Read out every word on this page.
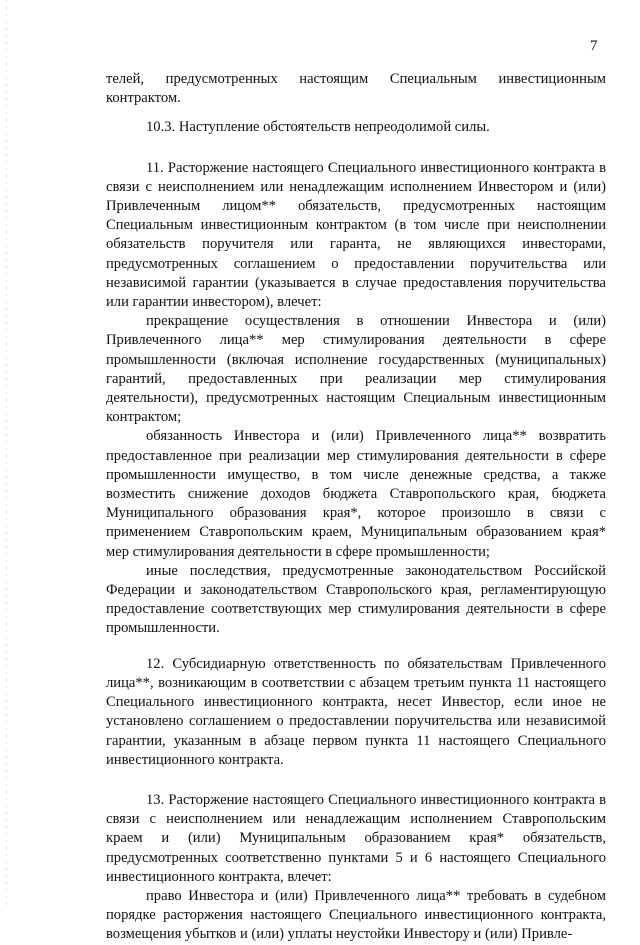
7

телей, предусмотренных настоящим Специальным инвестиционным контрактом.

10.3. Наступление обстоятельств непреодолимой силы.

11. Расторжение настоящего Специального инвестиционного контракта в связи с неисполнением или ненадлежащим исполнением Инвестором и (или) Привлеченным лицом** обязательств, предусмотренных настоящим Специальным инвестиционным контрактом (в том числе при неисполнении обязательств поручителя или гаранта, не являющихся инвесторами, предусмотренных соглашением о предоставлении поручительства или независимой гарантии (указывается в случае предоставления поручительства или гарантии инвестором), влечет:

прекращение осуществления в отношении Инвестора и (или) Привлеченного лица** мер стимулирования деятельности в сфере промышленности (включая исполнение государственных (муниципальных) гарантий, предоставленных при реализации мер стимулирования деятельности), предусмотренных настоящим Специальным инвестиционным контрактом;

обязанность Инвестора и (или) Привлеченного лица** возвратить предоставленное при реализации мер стимулирования деятельности в сфере промышленности имущество, в том числе денежные средства, а также возместить снижение доходов бюджета Ставропольского края, бюджета Муниципального образования края*, которое произошло в связи с применением Ставропольским краем, Муниципальным образованием края* мер стимулирования деятельности в сфере промышленности;

иные последствия, предусмотренные законодательством Российской Федерации и законодательством Ставропольского края, регламентирующую предоставление соответствующих мер стимулирования деятельности в сфере промышленности.

12. Субсидиарную ответственность по обязательствам Привлеченного лица**, возникающим в соответствии с абзацем третьим пункта 11 настоящего Специального инвестиционного контракта, несет Инвестор, если иное не установлено соглашением о предоставлении поручительства или независимой гарантии, указанным в абзаце первом пункта 11 настоящего Специального инвестиционного контракта.

13. Расторжение настоящего Специального инвестиционного контракта в связи с неисполнением или ненадлежащим исполнением Ставропольским краем и (или) Муниципальным образованием края* обязательств, предусмотренных соответственно пунктами 5 и 6 настоящего Специального инвестиционного контракта, влечет:

право Инвестора и (или) Привлеченного лица** требовать в судебном порядке расторжения настоящего Специального инвестиционного контракта, возмещения убытков и (или) уплаты неустойки Инвестору и (или) Привле-
